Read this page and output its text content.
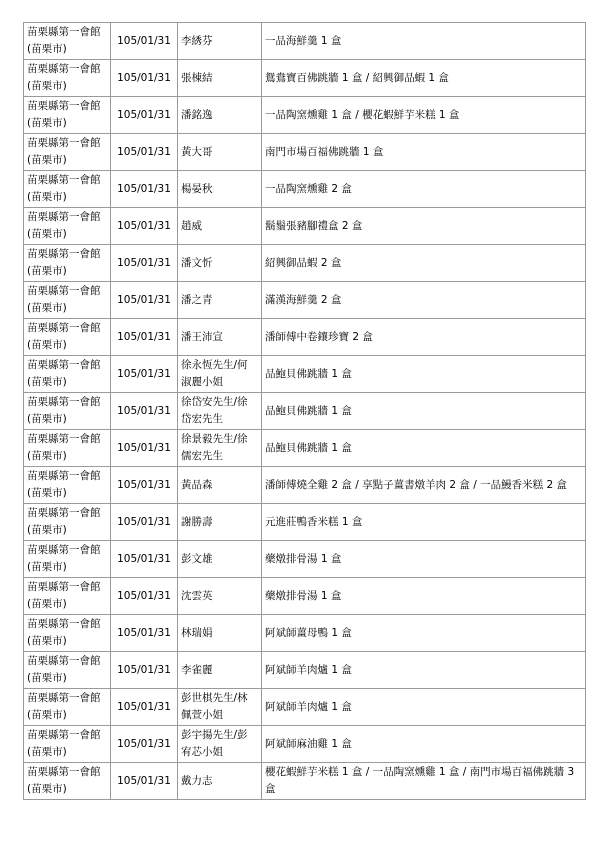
苗栗縣第一會館(苗栗市)	105/01/31	李綉芬	一品海鮮羹 1 盒
苗栗縣第一會館(苗栗市)	105/01/31	張棟結	鴛鴦寶百佛跳牆 1 盒 / 紹興御品蝦 1 盒
苗栗縣第一會館(苗栗市)	105/01/31	潘銘逸	一品陶窯燻雞 1 盒 / 櫻花蝦鮮芋米糕 1 盒
苗栗縣第一會館(苗栗市)	105/01/31	黃大哥	南門市場百福佛跳牆 1 盒
苗栗縣第一會館(苗栗市)	105/01/31	楊晏秋	一品陶窯燻雞 2 盒
苗栗縣第一會館(苗栗市)	105/01/31	趙威	鬍鬚張豬腳禮盒 2 盒
苗栗縣第一會館(苗栗市)	105/01/31	潘文忻	紹興御品蝦 2 盒
苗栗縣第一會館(苗栗市)	105/01/31	潘之青	滿漢海鮮羹 2 盒
苗栗縣第一會館(苗栗市)	105/01/31	潘王沛宣	潘師傅中卷鑲珍寶 2 盒
苗栗縣第一會館(苗栗市)	105/01/31	徐永恆先生/何淑麗小姐	品鮑貝佛跳牆 1 盒
苗栗縣第一會館(苗栗市)	105/01/31	徐岱安先生/徐岱宏先生	品鮑貝佛跳牆 1 盒
苗栗縣第一會館(苗栗市)	105/01/31	徐景毅先生/徐儒宏先生	品鮑貝佛跳牆 1 盒
苗栗縣第一會館(苗栗市)	105/01/31	黃品森	潘師傅燒全雞 2 盒 / 享點子薑書燉羊肉 2 盒 / 一品鰻香米糕 2 盒
苗栗縣第一會館(苗栗市)	105/01/31	謝勝壽	元進莊鴨香米糕 1 盒
苗栗縣第一會館(苗栗市)	105/01/31	彭文雄	藥燉排骨湯 1 盒
苗栗縣第一會館(苗栗市)	105/01/31	沈雲英	藥燉排骨湯 1 盒
苗栗縣第一會館(苗栗市)	105/01/31	林瑞娟	阿斌師薑母鴨 1 盒
苗栗縣第一會館(苗栗市)	105/01/31	李雀麗	阿斌師羊肉爐 1 盒
苗栗縣第一會館(苗栗市)	105/01/31	彭世棋先生/林佩萱小姐	阿斌師羊肉爐 1 盒
苗栗縣第一會館(苗栗市)	105/01/31	彭宇揚先生/彭宥芯小姐	阿斌師麻油雞 1 盒
苗栗縣第一會館(苗栗市)	105/01/31	戴力志	櫻花蝦鮮芋米糕 1 盒 / 一品陶窯燻雞 1 盒 / 南門市場百福佛跳牆 3 盒
